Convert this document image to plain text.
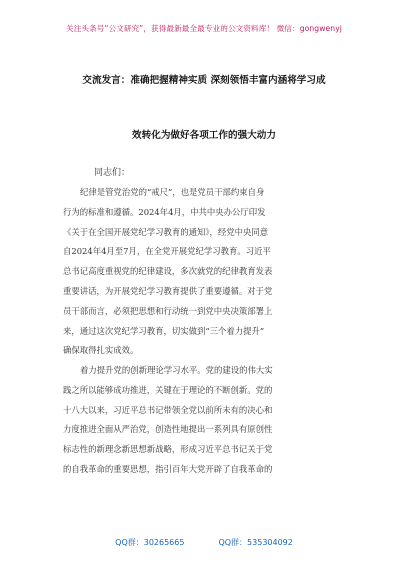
关注头条号“公文研究”，获得最新最全最专业的公文资料库！ 微信：gongwenyj
交流发言：准确把握精神实质 深刻领悟丰富内涵将学习成
效转化为做好各项工作的强大动力
同志们：
纪律是管党治党的“戒尺”，也是党员干部约束自身
行为的标准和遵循。2024年4月，中共中央办公厅印发
《关于在全国开展党纪学习教育的通知》，经党中央同意
自2024年4月至7月，在全党开展党纪学习教育。习近平
总书记高度重视党的纪律建设，多次就党的纪律教育发表
重要讲话，为开展党纪学习教育提供了重要遵循。对于党
员干部而言，必须把思想和行动统一到党中央决策部署上
来，通过这次党纪学习教育，切实做到“三个着力提升”
确保取得扎实成效。
着力提升党的创新理论学习水平。党的建设的伟大实
践之所以能够成功推进，关键在于理论的不断创新。党的
十八大以来，习近平总书记带领全党以前所未有的决心和
力度推进全面从严治党，创造性地提出一系列具有原创性
标志性的新理念新思想新战略，形成习近平总书记关于党
的自我革命的重要思想，指引百年大党开辟了自我革命的
QQ群：30265665	QQ群：535304092
